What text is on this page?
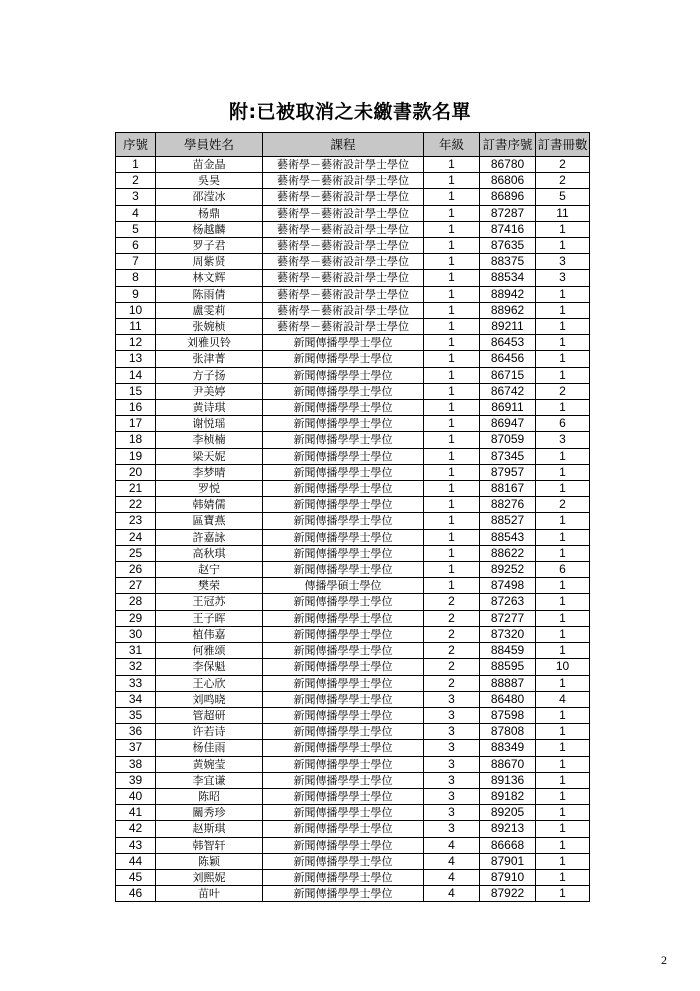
附:已被取消之未繳書款名單
序號	學員姓名	課程	年級	訂書序號	訂書冊數
1	苗金晶	藝術學－藝術設計學士學位	1	86780	2
2	吳昊	藝術學－藝術設計學士學位	1	86806	2
3	邵滢冰	藝術學－藝術設計學士學位	1	86896	5
4	杨鼎	藝術學－藝術設計學士學位	1	87287	11
5	杨越麟	藝術學－藝術設計學士學位	1	87416	1
6	罗子君	藝術學－藝術設計學士學位	1	87635	1
7	周紫贤	藝術學－藝術設計學士學位	1	88375	3
8	林文辉	藝術學－藝術設計學士學位	1	88534	3
9	陈雨倩	藝術學－藝術設計學士學位	1	88942	1
10	盧雯莉	藝術學－藝術設計學士學位	1	88962	1
11	张婉桢	藝術學－藝術設計學士學位	1	89211	1
12	刘雅贝铃	新聞傳播學學士學位	1	86453	1
13	张津菁	新聞傳播學學士學位	1	86456	1
14	方子扬	新聞傳播學學士學位	1	86715	1
15	尹美婷	新聞傳播學學士學位	1	86742	2
16	黄诗琪	新聞傳播學學士學位	1	86911	1
17	谢悦瑶	新聞傳播學學士學位	1	86947	6
18	李桢楠	新聞傳播學學士學位	1	87059	3
19	梁天妮	新聞傳播學學士學位	1	87345	1
20	李梦晴	新聞傳播學學士學位	1	87957	1
21	罗悦	新聞傳播學學士學位	1	88167	1
22	韩婧儒	新聞傳播學學士學位	1	88276	2
23	區寶燕	新聞傳播學學士學位	1	88527	1
24	許嘉詠	新聞傳播學學士學位	1	88543	1
25	高秋琪	新聞傳播學學士學位	1	88622	1
26	赵宁	新聞傳播學學士學位	1	89252	6
27	樊荣	傳播學碩士學位	1	87498	1
28	王冠苏	新聞傳播學學士學位	2	87263	1
29	王子晖	新聞傳播學學士學位	2	87277	1
30	植伟嘉	新聞傳播學學士學位	2	87320	1
31	何雅颂	新聞傳播學學士學位	2	88459	1
32	李保魁	新聞傳播學學士學位	2	88595	10
33	王心欣	新聞傳播學學士學位	2	88887	1
34	刘鸣晓	新聞傳播學學士學位	3	86480	4
35	管超研	新聞傳播學學士學位	3	87598	1
36	许若诗	新聞傳播學學士學位	3	87808	1
37	杨佳雨	新聞傳播學學士學位	3	88349	1
38	黄婉莹	新聞傳播學學士學位	3	88670	1
39	李宜谦	新聞傳播學學士學位	3	89136	1
40	陈昭	新聞傳播學學士學位	3	89182	1
41	關秀珍	新聞傳播學學士學位	3	89205	1
42	赵斯琪	新聞傳播學學士學位	3	89213	1
43	韩智轩	新聞傳播學學士學位	4	86668	1
44	陈颖	新聞傳播學學士學位	4	87901	1
45	刘熙妮	新聞傳播學學士學位	4	87910	1
46	苗叶	新聞傳播學學士學位	4	87922	1
2
